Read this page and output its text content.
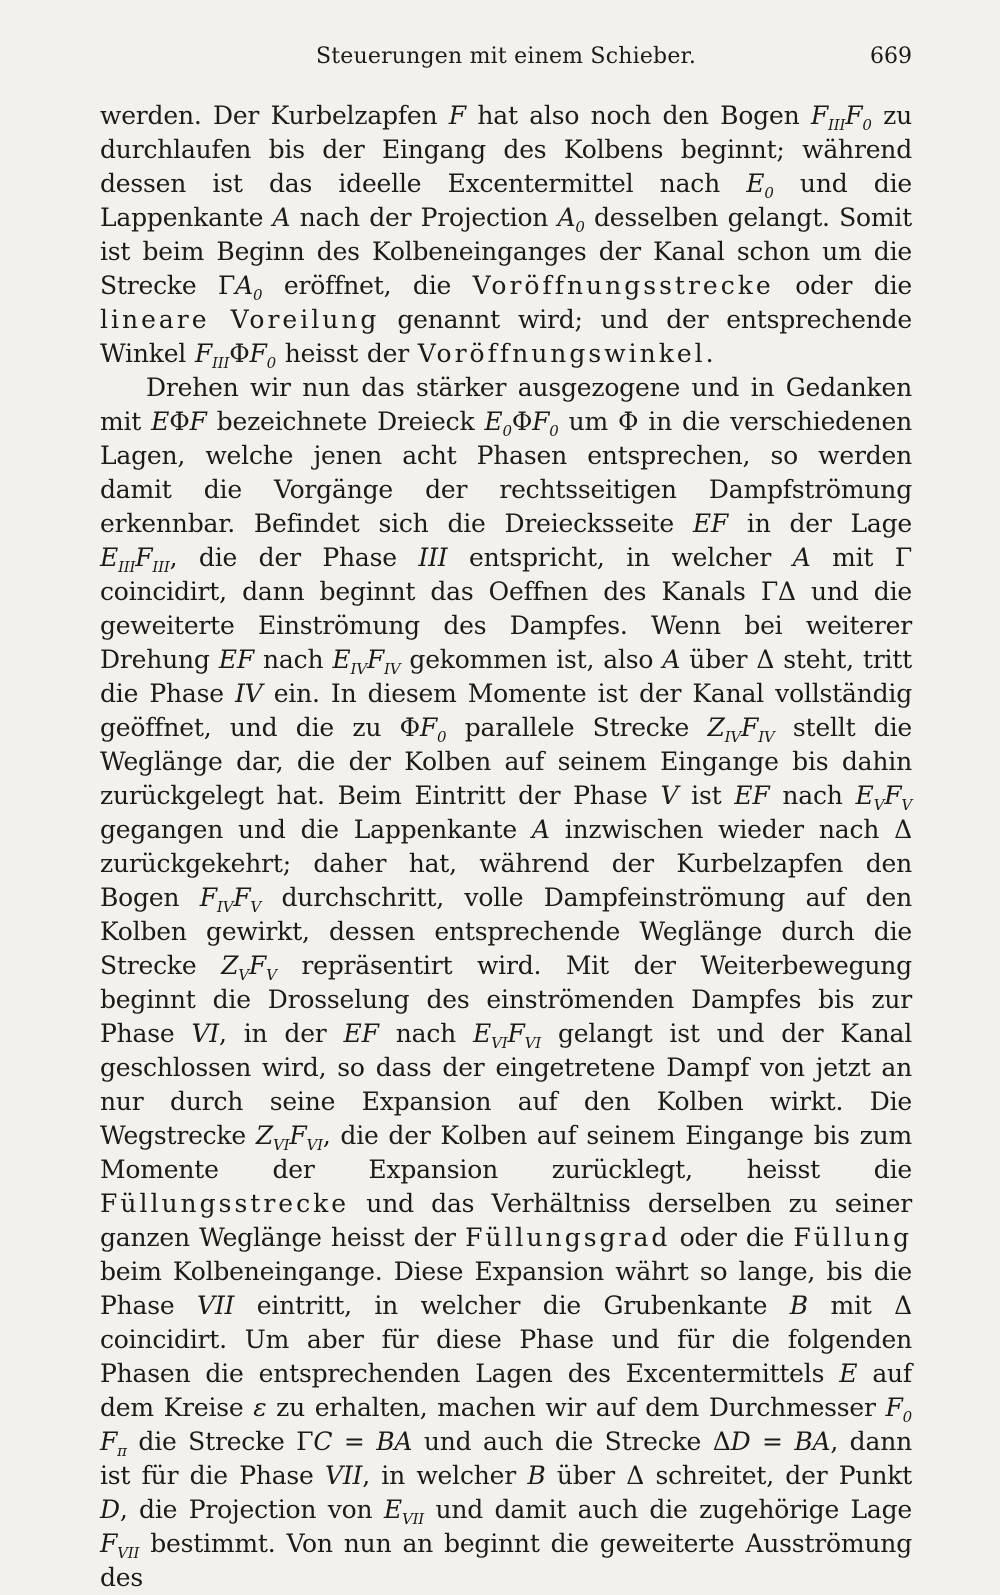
Steuerungen mit einem Schieber.	669

werden. Der Kurbelzapfen F hat also noch den Bogen $F_{III}F_0$ zu durchlaufen bis der Eingang des Kolbens beginnt; während dessen ist das ideelle Excentermittel nach $E_0$ und die Lappenkante A nach der Projection $A_0$ desselben gelangt. Somit ist beim Beginn des Kolbeneinganges der Kanal schon um die Strecke $\Gamma A_0$ eröffnet, die Voröffnungsstrecke oder die lineare Voreilung genannt wird; und der entsprechende Winkel $F_{III}\Phi F_0$ heisst der Voröffnungswinkel.

Drehen wir nun das stärker ausgezogene und in Gedanken mit EΦF bezeichnete Dreieck $E_0\Phi F_0$ um Φ in die verschiedenen Lagen, welche jenen acht Phasen entsprechen, so werden damit die Vorgänge der rechtsseitigen Dampfströmung erkennbar. Befindet sich die Dreiecksseite EF in der Lage $E_{III}F_{III}$, die der Phase III entspricht, in welcher A mit Γ coincidirt, dann beginnt das Oeffnen des Kanals ΓΔ und die geweiterte Einströmung des Dampfes. Wenn bei weiterer Drehung EF nach $E_{IV}F_{IV}$ gekommen ist, also A über Δ steht, tritt die Phase IV ein. In diesem Momente ist der Kanal vollständig geöffnet, und die zu $\Phi F_0$ parallele Strecke $Z_{IV}F_{IV}$ stellt die Weglänge dar, die der Kolben auf seinem Eingange bis dahin zurückgelegt hat. Beim Eintritt der Phase V ist EF nach $E_VF_V$ gegangen und die Lappenkante A inzwischen wieder nach Δ zurückgekehrt; daher hat, während der Kurbelzapfen den Bogen $F_{IV}F_V$ durchschritt, volle Dampfeinströmung auf den Kolben gewirkt, dessen entsprechende Weglänge durch die Strecke $Z_VF_V$ repräsentirt wird. Mit der Weiterbewegung beginnt die Drosselung des einströmenden Dampfes bis zur Phase VI, in der EF nach $E_{VI}F_{VI}$ gelangt ist und der Kanal geschlossen wird, so dass der eingetretene Dampf von jetzt an nur durch seine Expansion auf den Kolben wirkt. Die Wegstrecke $Z_{VI}F_{VI}$, die der Kolben auf seinem Eingange bis zum Momente der Expansion zurücklegt, heisst die Füllungsstrecke und das Verhältniss derselben zu seiner ganzen Weglänge heisst der Füllungsgrad oder die Füllung beim Kolbeneingange. Diese Expansion währt so lange, bis die Phase VII eintritt, in welcher die Grubenkante B mit Δ coincidirt. Um aber für diese Phase und für die folgenden Phasen die entsprechenden Lagen des Excentermittels E auf dem Kreise ε zu erhalten, machen wir auf dem Durchmesser $F_0$ $F_\pi$ die Strecke ΓC = BA und auch die Strecke ΔD = BA, dann ist für die Phase VII, in welcher B über Δ schreitet, der Punkt D, die Projection von $E_{VII}$ und damit auch die zugehörige Lage $F_{VII}$ bestimmt. Von nun an beginnt die geweiterte Ausströmung des
